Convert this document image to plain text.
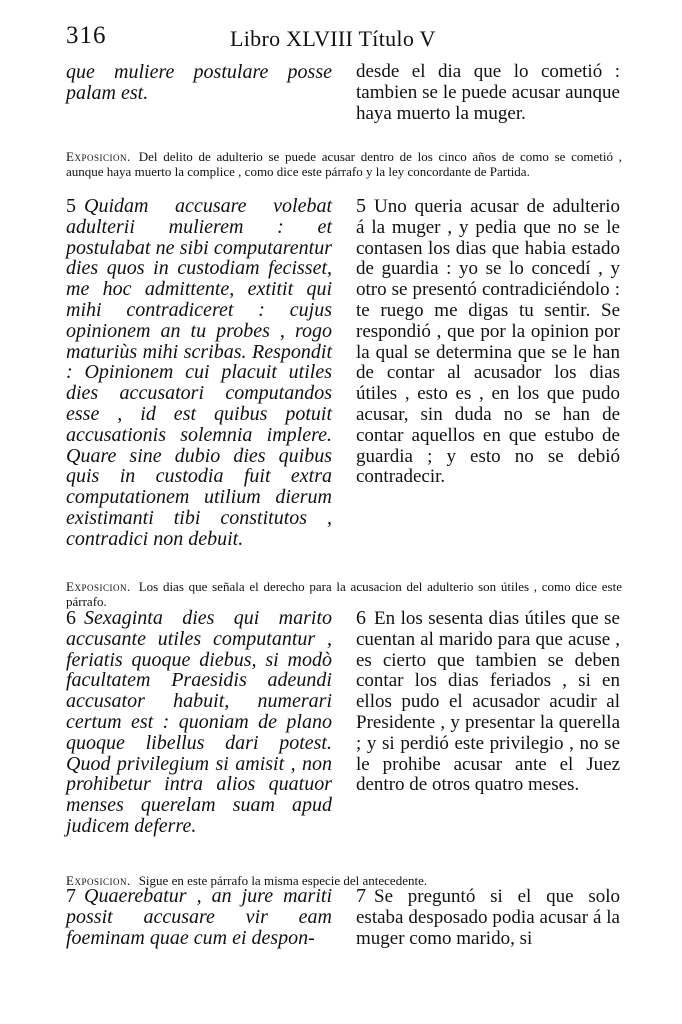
316	Libro XLVIII Título V

que muliere postulare posse palam est.

desde el dia que lo cometió : tambien se le puede acusar aunque haya muerto la muger.

Exposicion. Del delito de adulterio se puede acusar dentro de los cinco años de como se cometió , aunque haya muerto la complice , como dice este párrafo y la ley concordante de Partida.

5 Quidam accusare volebat adulterii mulierem : et postulabat ne sibi computarentur dies quos in custodiam fecisset, me hoc admittente, extitit qui mihi contradiceret : cujus opinionem an tu probes , rogo maturiùs mihi scribas. Respondit : Opinionem cui placuit utiles dies accusatori computandos esse , id est quibus potuit accusationis solemnia implere. Quare sine dubio dies quibus quis in custodia fuit extra computationem utilium dierum existimanti tibi constitutos , contradici non debuit.

5 Uno queria acusar de adulterio á la muger , y pedia que no se le contasen los dias que habia estado de guardia : yo se lo concedí , y otro se presentó contradiciéndolo : te ruego me digas tu sentir. Se respondió , que por la opinion por la qual se determina que se le han de contar al acusador los dias útiles , esto es , en los que pudo acusar, sin duda no se han de contar aquellos en que estubo de guardia ; y esto no se debió contradecir.

Exposicion. Los dias que señala el derecho para la acusacion del adulterio son útiles , como dice este párrafo.

6 Sexaginta dies qui marito accusante utiles computantur , feriatis quoque diebus, si modò facultatem Praesidis adeundi accusator habuit, numerari certum est : quoniam de plano quoque libellus dari potest. Quod privilegium si amisit , non prohibetur intra alios quatuor menses querelam suam apud judicem deferre.

6 En los sesenta dias útiles que se cuentan al marido para que acuse , es cierto que tambien se deben contar los dias feriados , si en ellos pudo el acusador acudir al Presidente , y presentar la querella ; y si perdió este privilegio , no se le prohibe acusar ante el Juez dentro de otros quatro meses.

Exposicion. Sigue en este párrafo la misma especie del antecedente.

7 Quaerebatur , an jure mariti possit accusare vir eam foeminam quae cum ei despon-

7 Se preguntó si el que solo estaba desposado podia acusar á la muger como marido, si
